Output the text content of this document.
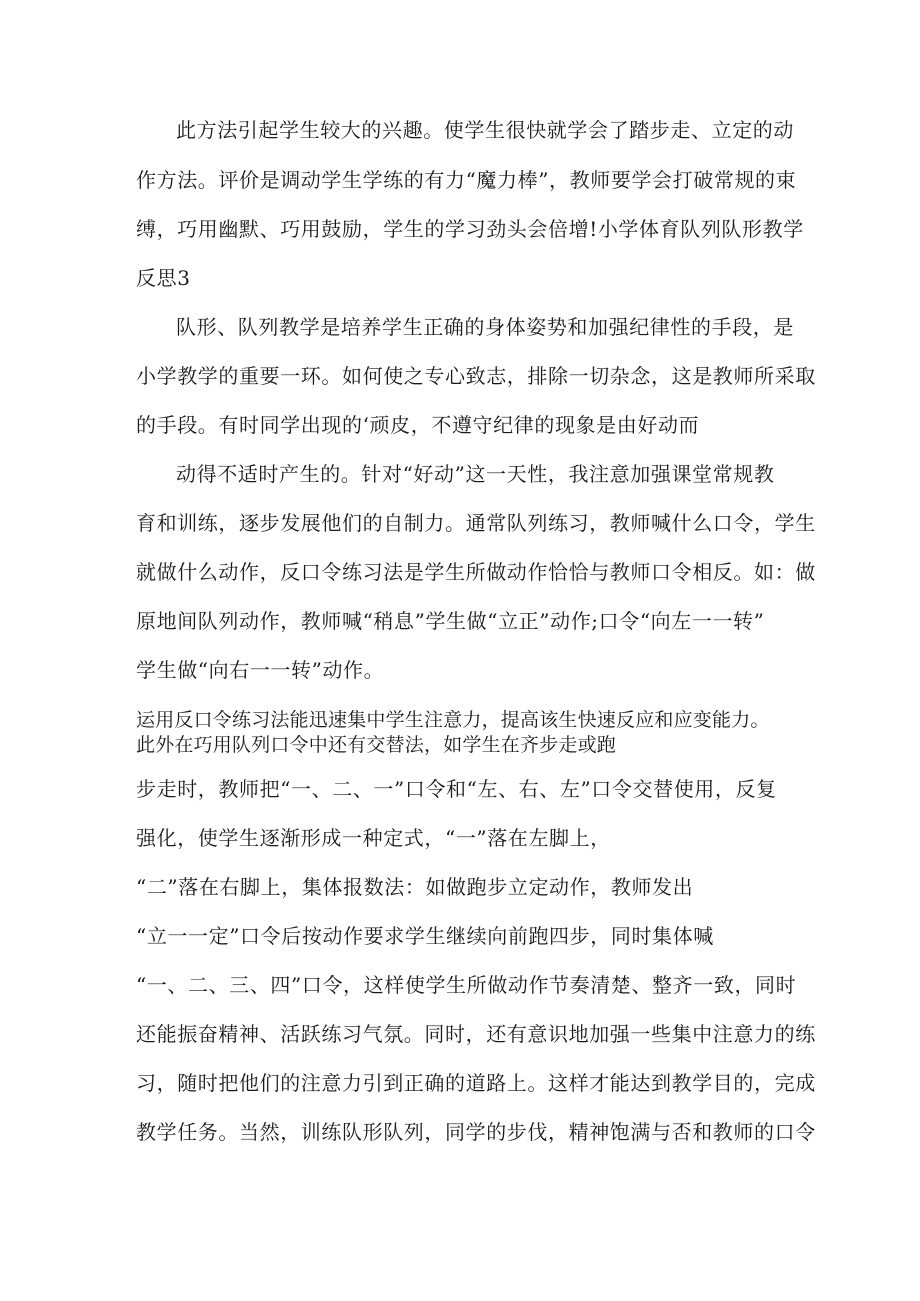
此方法引起学生较大的兴趣。使学生很快就学会了踏步走、立定的动
作方法。评价是调动学生学练的有力“魔力棒”，教师要学会打破常规的束
缚，巧用幽默、巧用鼓励，学生的学习劲头会倍增!小学体育队列队形教学
反思3
队形、队列教学是培养学生正确的身体姿势和加强纪律性的手段，是
小学教学的重要一环。如何使之专心致志，排除一切杂念，这是教师所采取
的手段。有时同学出现的‘顽皮，不遵守纪律的现象是由好动而
动得不适时产生的。针对“好动”这一天性，我注意加强课堂常规教
育和训练，逐步发展他们的自制力。通常队列练习，教师喊什么口令，学生
就做什么动作，反口令练习法是学生所做动作恰恰与教师口令相反。如：做
原地间队列动作，教师喊“稍息”学生做“立正”动作;口令“向左一一转”
学生做“向右一一转”动作。
运用反口令练习法能迅速集中学生注意力，提高该生快速反应和应变能力。
此外在巧用队列口令中还有交替法，如学生在齐步走或跑
步走时，教师把“一、二、一”口令和“左、右、左”口令交替使用，反复
强化，使学生逐渐形成一种定式，“一”落在左脚上，
“二”落在右脚上，集体报数法：如做跑步立定动作，教师发出
“立一一定”口令后按动作要求学生继续向前跑四步，同时集体喊
“一、二、三、四”口令，这样使学生所做动作节奏清楚、整齐一致，同时
还能振奋精神、活跃练习气氛。同时，还有意识地加强一些集中注意力的练
习，随时把他们的注意力引到正确的道路上。这样才能达到教学目的，完成
教学任务。当然，训练队形队列，同学的步伐，精神饱满与否和教师的口令
